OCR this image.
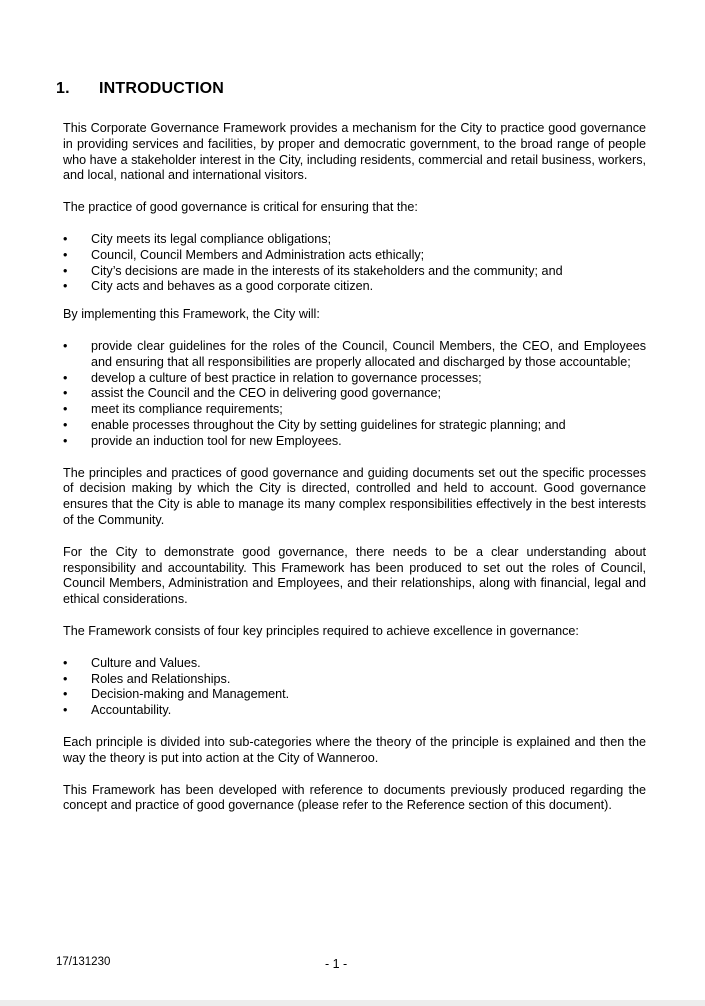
1. INTRODUCTION

This Corporate Governance Framework provides a mechanism for the City to practice good governance in providing services and facilities, by proper and democratic government, to the broad range of people who have a stakeholder interest in the City, including residents, commercial and retail business, workers, and local, national and international visitors.

The practice of good governance is critical for ensuring that the:

• City meets its legal compliance obligations;
• Council, Council Members and Administration acts ethically;
• City’s decisions are made in the interests of its stakeholders and the community; and
• City acts and behaves as a good corporate citizen.

By implementing this Framework, the City will:

• provide clear guidelines for the roles of the Council, Council Members, the CEO, and Employees and ensuring that all responsibilities are properly allocated and discharged by those accountable;
• develop a culture of best practice in relation to governance processes;
• assist the Council and the CEO in delivering good governance;
• meet its compliance requirements;
• enable processes throughout the City by setting guidelines for strategic planning; and
• provide an induction tool for new Employees.

The principles and practices of good governance and guiding documents set out the specific processes of decision making by which the City is directed, controlled and held to account. Good governance ensures that the City is able to manage its many complex responsibilities effectively in the best interests of the Community.

For the City to demonstrate good governance, there needs to be a clear understanding about responsibility and accountability. This Framework has been produced to set out the roles of Council, Council Members, Administration and Employees, and their relationships, along with financial, legal and ethical considerations.

The Framework consists of four key principles required to achieve excellence in governance:

• Culture and Values.
• Roles and Relationships.
• Decision-making and Management.
• Accountability.

Each principle is divided into sub-categories where the theory of the principle is explained and then the way the theory is put into action at the City of Wanneroo.

This Framework has been developed with reference to documents previously produced regarding the concept and practice of good governance (please refer to the Reference section of this document).

17/131230	- 1 -
